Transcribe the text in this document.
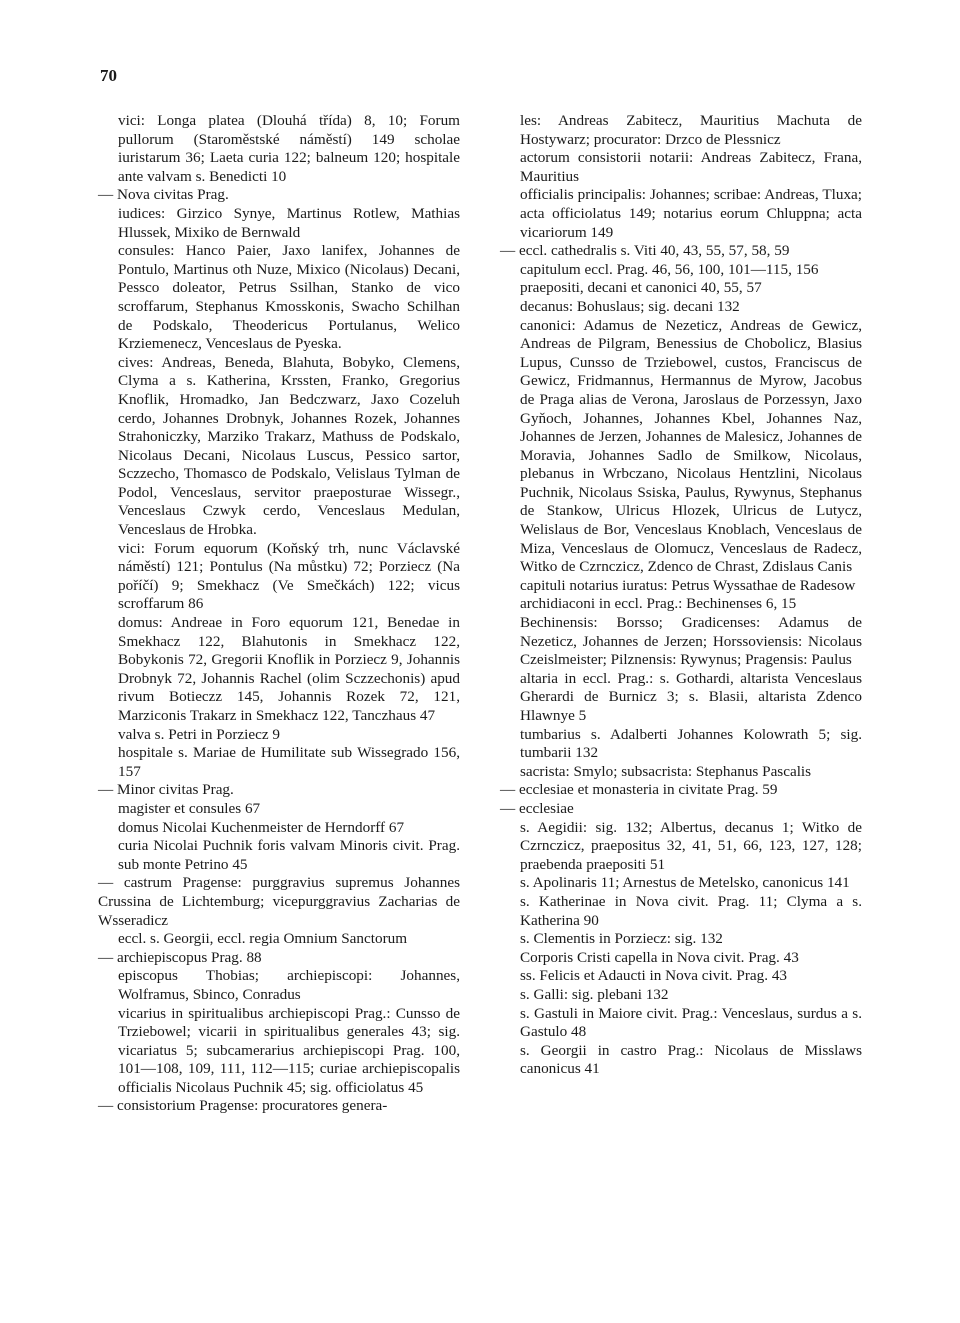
70

vici: Longa platea (Dlouhá třída) 8, 10; Forum pullorum (Staroměstské náměstí) 149 scholae iuristarum 36; Laeta curia 122; balneum 120; hospitale ante valvam s. Benedicti 10

— Nova civitas Prag.

iudices: Girzico Synye, Martinus Rotlew, Mathias Hlussek, Mixiko de Bernwald

consules: Hanco Paier, Jaxo lanifex, Johannes de Pontulo, Martinus oth Nuze, Mixico (Nicolaus) Decani, Pessco doleator, Petrus Ssilhan, Stanko de vico scroffarum, Stephanus Kmosskonis, Swacho Schilhan de Podskalo, Theodericus Portulanus, Welico Krziemenecz, Venceslaus de Pyeska.

cives: Andreas, Beneda, Blahuta, Bobyko, Clemens, Clyma a s. Katherina, Krssten, Franko, Gregorius Knoflik, Hromadko, Jan Bedczwarz, Jaxo Cozeluh cerdo, Johannes Drobnyk, Johannes Rozek, Johannes Strahoniczky, Marziko Trakarz, Mathuss de Podskalo, Nicolaus Decani, Nicolaus Luscus, Pessico sartor, Sczzecho, Thomasco de Podskalo, Velislaus Tylman de Podol, Venceslaus, servitor praeposturae Wissegr., Venceslaus Czwyk cerdo, Venceslaus Medulan, Venceslaus de Hrobka.

vici: Forum equorum (Koňský trh, nunc Václavské náměstí) 121; Pontulus (Na můstku) 72; Porziecz (Na poříčí) 9; Smekhacz (Ve Smečkách) 122; vicus scroffarum 86

domus: Andreae in Foro equorum 121, Benedae in Smekhacz 122, Blahutonis in Smekhacz 122, Bobykonis 72, Gregorii Knoflik in Porziecz 9, Johannis Drobnyk 72, Johannis Rachel (olim Sczzechonis) apud rivum Botieczz 145, Johannis Rozek 72, 121, Marziconis Trakarz in Smekhacz 122, Tanczhaus 47

valva s. Petri in Porziecz 9

hospitale s. Mariae de Humilitate sub Wissegrado 156, 157

— Minor civitas Prag.

magister et consules 67

domus Nicolai Kuchenmeister de Herndorff 67

curia Nicolai Puchnik foris valvam Minoris civit. Prag. sub monte Petrino 45

— castrum Pragense: purggravius supremus Johannes Crussina de Lichtemburg; vicepurggravius Zacharias de Wsseradicz

eccl. s. Georgii, eccl. regia Omnium Sanctorum

— archiepiscopus Prag. 88

episcopus Thobias; archiepiscopi: Johannes, Wolframus, Sbinco, Conradus

vicarius in spiritualibus archiepiscopi Prag.: Cunsso de Trziebowel; vicarii in spiritualibus generales 43; sig. vicariatus 5; subcamerarius archiepiscopi Prag. 100, 101—108, 109, 111, 112—115; curiae archiepiscopalis officialis Nicolaus Puchnik 45; sig. officiolatus 45

— consistorium Pragense: procuratores genera-

les: Andreas Zabitecz, Mauritius Machuta de Hostywarz; procurator: Drzco de Plessnicz

actorum consistorii notarii: Andreas Zabitecz, Frana, Mauritius

officialis principalis: Johannes; scribae: Andreas, Tluxa; acta officiolatus 149; notarius eorum Chluppna; acta vicariorum 149

— eccl. cathedralis s. Viti 40, 43, 55, 57, 58, 59

capitulum eccl. Prag. 46, 56, 100, 101—115, 156

praepositi, decani et canonici 40, 55, 57

decanus: Bohuslaus; sig. decani 132

canonici: Adamus de Nezeticz, Andreas de Gewicz, Andreas de Pilgram, Benessius de Chobolicz, Blasius Lupus, Cunsso de Trziebowel, custos, Franciscus de Gewicz, Fridmannus, Hermannus de Myrow, Jacobus de Praga alias de Verona, Jaroslaus de Porzessyn, Jaxo Gyňoch, Johannes, Johannes Kbel, Johannes Naz, Johannes de Jerzen, Johannes de Malesicz, Johannes de Moravia, Johannes Sadlo de Smilkow, Nicolaus, plebanus in Wrbczano, Nicolaus Hentzlini, Nicolaus Puchnik, Nicolaus Ssiska, Paulus, Rywynus, Stephanus de Stankow, Ulricus Hlozek, Ulricus de Lutycz, Welislaus de Bor, Venceslaus Knoblach, Venceslaus de Miza, Venceslaus de Olomucz, Venceslaus de Radecz, Witko de Czrnczicz, Zdenco de Chrast, Zdislaus Canis

capituli notarius iuratus: Petrus Wyssathae de Radesow

archidiaconi in eccl. Prag.: Bechinenses 6, 15

Bechinensis: Borsso; Gradicenses: Adamus de Nezeticz, Johannes de Jerzen; Horssoviensis: Nicolaus Czeislmeister; Pilznensis: Rywynus; Pragensis: Paulus

altaria in eccl. Prag.: s. Gothardi, altarista Venceslaus Gherardi de Burnicz 3; s. Blasii, altarista Zdenco Hlawnye 5

tumbarius s. Adalberti Johannes Kolowrath 5; sig. tumbarii 132

sacrista: Smylo; subsacrista: Stephanus Pascalis

— ecclesiae et monasteria in civitate Prag. 59

— ecclesiae

s. Aegidii: sig. 132; Albertus, decanus 1; Witko de Czrnczicz, praepositus 32, 41, 51, 66, 123, 127, 128; praebenda praepositi 51

s. Apolinaris 11; Arnestus de Metelsko, canonicus 141

s. Katherinae in Nova civit. Prag. 11; Clyma a s. Katherina 90

s. Clementis in Porziecz: sig. 132

Corporis Cristi capella in Nova civit. Prag. 43

ss. Felicis et Adaucti in Nova civit. Prag. 43

s. Galli: sig. plebani 132

s. Gastuli in Maiore civit. Prag.: Venceslaus, surdus a s. Gastulo 48

s. Georgii in castro Prag.: Nicolaus de Misslaws canonicus 41
